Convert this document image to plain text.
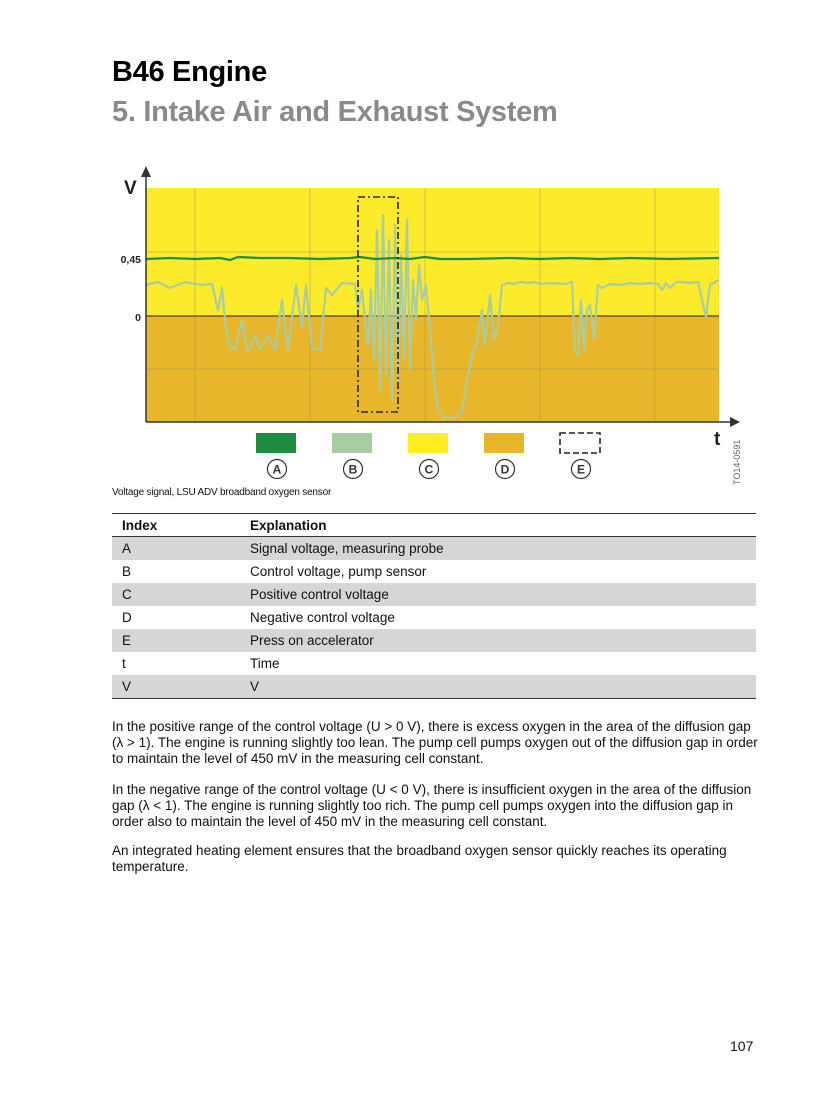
B46 Engine
5. Intake Air and Exhaust System
V
t
0,45
0
TO14-0591
A	B	C	D	E
Voltage signal, LSU ADV broadband oxygen sensor
Index	Explanation
A	Signal voltage, measuring probe
B	Control voltage, pump sensor
C	Positive control voltage
D	Negative control voltage
E	Press on accelerator
t	Time
V	V

In the positive range of the control voltage (U > 0 V), there is excess oxygen in the area of the diffusion gap (λ > 1). The engine is running slightly too lean. The pump cell pumps oxygen out of the diffusion gap in order to maintain the level of 450 mV in the measuring cell constant.

In the negative range of the control voltage (U < 0 V), there is insufficient oxygen in the area of the diffusion gap (λ < 1). The engine is running slightly too rich. The pump cell pumps oxygen into the diffusion gap in order also to maintain the level of 450 mV in the measuring cell constant.

An integrated heating element ensures that the broadband oxygen sensor quickly reaches its operating temperature.

107
